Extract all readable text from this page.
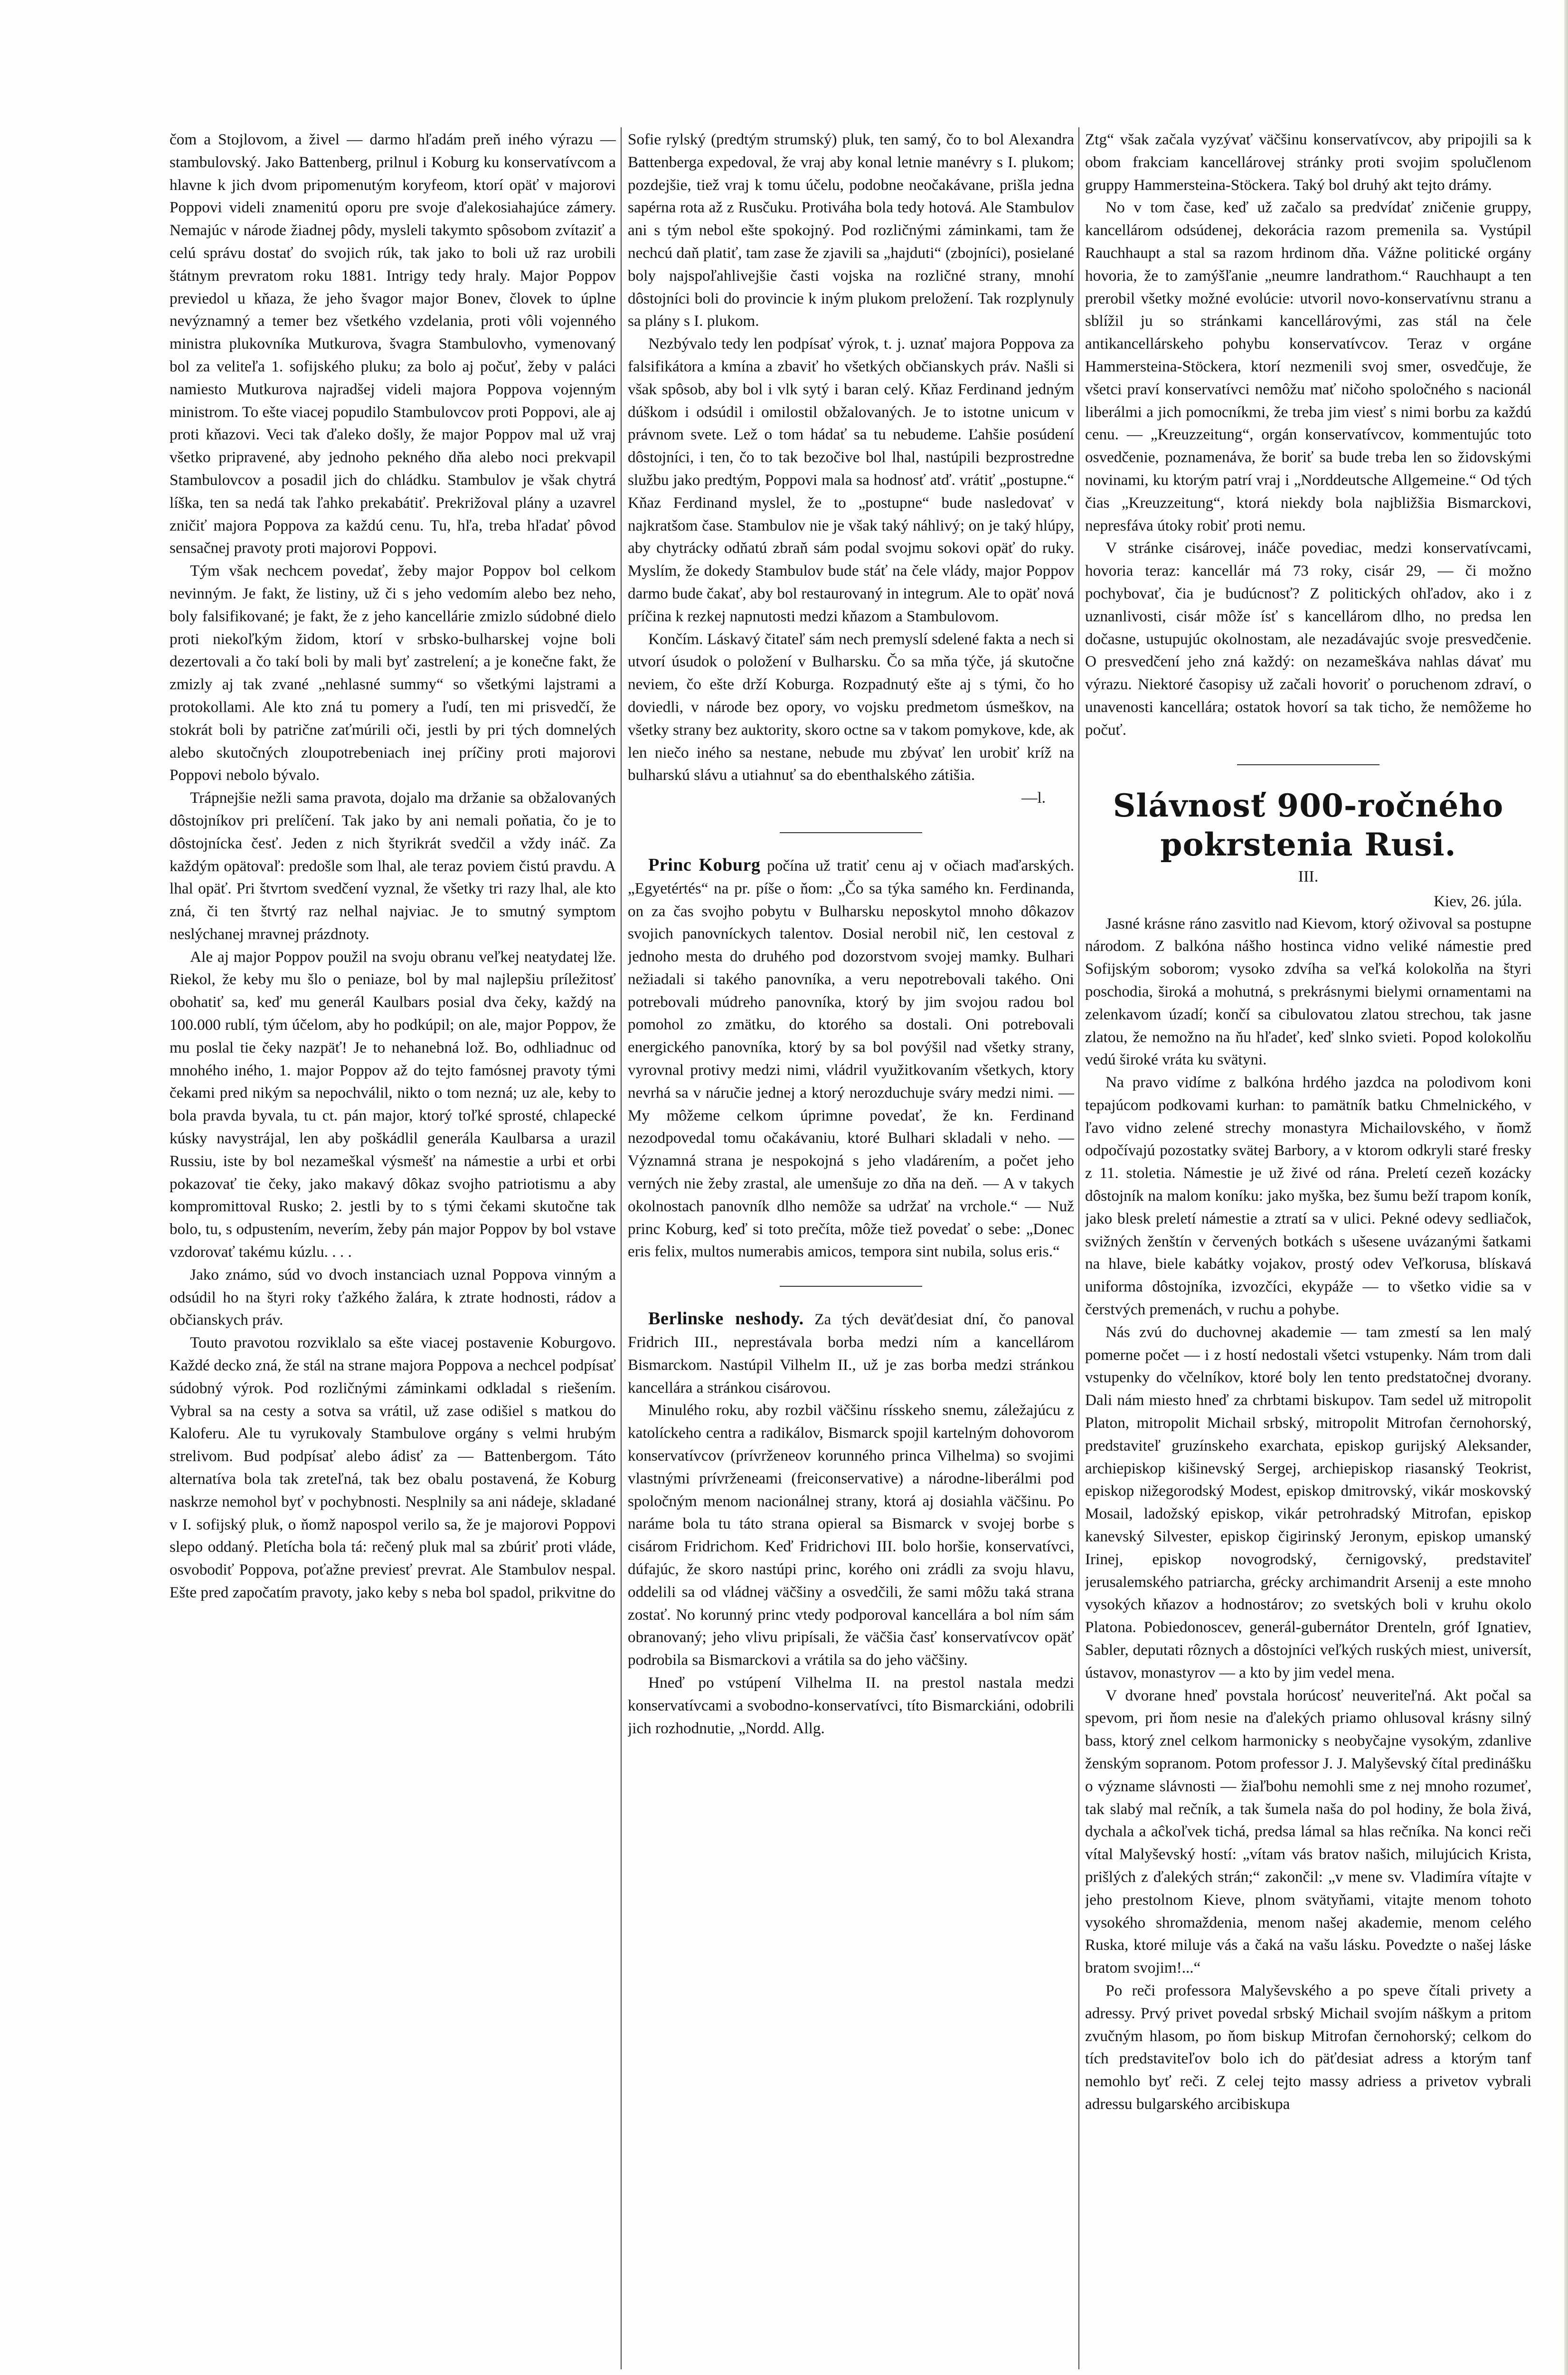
čom a Stojlovom, a živel — darmo hľadám preň iného výrazu — stambulovský. Jako Battenberg, prilnul i Koburg ku konservatívcom a hlavne k jich dvom pripomenutým koryfeom, ktorí opäť v majorovi Poppovi videli znamenitú oporu pre svoje ďalekosiahajúce zámery. Nemajúc v národe žiadnej pôdy, mysleli takymto spôsobom zvítaziť a celú správu dostať do svojich rúk, tak jako to boli už raz urobili štátnym prevratom roku 1881. Intrigy tedy hraly. Major Poppov previedol u kňaza, že jeho švagor major Bonev, človek to úplne nevýznamný a temer bez všetkého vzdelania, proti vôli vojenného ministra plukovníka Mutkurova, švagra Stambulovho, vymenovaný bol za veliteľa 1. sofijského pluku; za bolo aj počuť, žeby v paláci namiesto Mutkurova najradšej videli majora Poppova vojenným ministrom. To ešte viacej popudilo Stambulovcov proti Poppovi, ale aj proti kňazovi. Veci tak ďaleko došly, že major Poppov mal už vraj všetko pripravené, aby jednoho pekného dňa alebo noci prekvapil Stambulovcov a posadil jich do chládku. Stambulov je však chytrá líška, ten sa nedá tak ľahko prekabátiť. Prekrižoval plány a uzavrel zničiť majora Poppova za každú cenu. Tu, hľa, treba hľadať pôvod sensačnej pravoty proti majorovi Poppovi.

Tým však nechcem povedať, žeby major Poppov bol celkom nevinným. Je fakt, že listiny, už či s jeho vedomím alebo bez neho, boly falsifikované; je fakt, že z jeho kancellárie zmizlo súdobné dielo proti niekoľkým židom, ktorí v srbsko-bulharskej vojne boli dezertovali a čo takí boli by mali byť zastrelení; a je konečne fakt, že zmizly aj tak zvané „nehlasné summy“ so všetkými lajstrami a protokollami. Ale kto zná tu pomery a ľudí, ten mi prisvedčí, že stokrát boli by patrične zaťmúrili oči, jestli by pri tých domnelých alebo skutočných zloupotrebeniach inej príčiny proti majorovi Poppovi nebolo bývalo.

Trápnejšie nežli sama pravota, dojalo ma držanie sa obžalovaných dôstojníkov pri prelíčení. Tak jako by ani nemali poňatia, čo je to dôstojnícka česť. Jeden z nich štyrikrát svedčil a vždy ináč. Za každým opätovaľ: predošle som lhal, ale teraz poviem čistú pravdu. A lhal opäť. Pri štvrtom svedčení vyznal, že všetky tri razy lhal, ale kto zná, či ten štvrtý raz nelhal najviac. Je to smutný symptom neslýchanej mravnej prázdnoty.

Ale aj major Poppov použil na svoju obranu veľkej neatydatej lže. Riekol, že keby mu šlo o peniaze, bol by mal najlepšiu príležitosť obohatiť sa, keď mu generál Kaulbars posial dva čeky, každý na 100.000 rublí, tým účelom, aby ho podkúpil; on ale, major Poppov, že mu poslal tie čeky nazpäť! Je to nehanebná lož. Bo, odhliadnuc od mnohého iného, 1. major Poppov až do tejto famósnej pravoty tými čekami pred nikým sa nepochválil, nikto o tom nezná; uz ale, keby to bola pravda byvala, tu ct. pán major, ktorý toľké sprosté, chlapecké kúsky navystrájal, len aby poškádlil generála Kaulbarsa a urazil Russiu, iste by bol nezameškal výsmešť na námestie a urbi et orbi pokazovať tie čeky, jako makavý dôkaz svojho patriotismu a aby kompromittoval Rusko; 2. jestli by to s tými čekami skutočne tak bolo, tu, s odpustením, neverím, žeby pán major Poppov by bol vstave vzdorovať takému kúzlu. . . .

Jako známo, súd vo dvoch instanciach uznal Poppova vinným a odsúdil ho na štyri roky ťažkého žalára, k ztrate hodnosti, rádov a občianskych práv.

Touto pravotou rozviklalo sa ešte viacej postavenie Koburgovo. Každé decko zná, že stál na strane majora Poppova a nechcel podpísať súdobný výrok. Pod rozličnými záminkami odkladal s riešením. Vybral sa na cesty a sotva sa vrátil, už zase odišiel s matkou do Kaloferu. Ale tu vyrukovaly Stambulove orgány s velmi hrubým strelivom. Bud podpísať alebo ádisť za — Battenbergom. Táto alternatíva bola tak zreteľná, tak bez obalu postavená, že Koburg naskrze nemohol byť v pochybnosti. Nesplnily sa ani nádeje, skladané v I. sofijský pluk, o ňomž napospol verilo sa, že je majorovi Poppovi slepo oddaný. Pletícha bola tá: rečený pluk mal sa zbúriť proti vláde, osvobodiť Poppova, poťažne previesť prevrat. Ale Stambulov nespal. Ešte pred započatím pravoty, jako keby s neba bol spadol, prikvitne do

Sofie rylský (predtým strumský) pluk, ten samý, čo to bol Alexandra Battenberga expedoval, že vraj aby konal letnie manévry s I. plukom; pozdejšie, tiež vraj k tomu účelu, podobne neočakávane, prišla jedna sapérna rota až z Rusčuku. Protiváha bola tedy hotová. Ale Stambulov ani s tým nebol ešte spokojný. Pod rozličnými záminkami, tam že nechcú daň platiť, tam zase že zjavili sa „hajduti“ (zbojníci), posielané boly najspoľahlivejšie časti vojska na rozličné strany, mnohí dôstojníci boli do provincie k iným plukom preložení. Tak rozplynuly sa plány s I. plukom.

Nezbývalo tedy len podpísať výrok, t. j. uznať majora Poppova za falsifikátora a kmína a zbaviť ho všetkých občianskych práv. Našli si však spôsob, aby bol i vlk sytý i baran celý. Kňaz Ferdinand jedným dúškom i odsúdil i omilostil obžalovaných. Je to istotne unicum v právnom svete. Lež o tom hádať sa tu nebudeme. Ľahšie posúdení dôstojníci, i ten, čo to tak bezočive bol lhal, nastúpili bezprostredne službu jako predtým, Poppovi mala sa hodnosť atď. vrátiť „postupne.“ Kňaz Ferdinand myslel, že to „postupne“ bude nasledovať v najkratšom čase. Stambulov nie je však taký náhlivý; on je taký hlúpy, aby chytrácky odňatú zbraň sám podal svojmu sokovi opäť do ruky. Myslím, že dokedy Stambulov bude stáť na čele vlády, major Poppov darmo bude čakať, aby bol restaurovaný in integrum. Ale to opäť nová príčina k rezkej napnutosti medzi kňazom a Stambulovom.

Končím. Láskavý čitateľ sám nech premyslí sdelené fakta a nech si utvorí úsudok o položení v Bulharsku. Čo sa mňa týče, já skutočne neviem, čo ešte drží Koburga. Rozpadnutý ešte aj s tými, čo ho doviedli, v národe bez opory, vo vojsku predmetom úsmeškov, na všetky strany bez auktority, skoro octne sa v takom pomykove, kde, ak len niečo iného sa nestane, nebude mu zbývať len urobiť kríž na bulharskú slávu a utiahnuť sa do ebenthalského zátišia.

—l.

Princ Koburg počína už tratiť cenu aj v očiach maďarských. „Egyetértés“ na pr. píše o ňom: „Čo sa týka samého kn. Ferdinanda, on za čas svojho pobytu v Bulharsku neposkytol mnoho dôkazov svojich panovníckych talentov. Dosial nerobil nič, len cestoval z jednoho mesta do druhého pod dozorstvom svojej mamky. Bulhari nežiadali si takého panovníka, a veru nepotrebovali takého. Oni potrebovali múdreho panovníka, ktorý by jim svojou radou bol pomohol zo zmätku, do ktorého sa dostali. Oni potrebovali energického panovníka, ktorý by sa bol povýšil nad všetky strany, vyrovnal protivy medzi nimi, vládril využitkovaním všetkych, ktory nevrhá sa v náručie jednej a ktorý nerozduchuje sváry medzi nimi. — My môžeme celkom úprimne povedať, že kn. Ferdinand nezodpovedal tomu očakávaniu, ktoré Bulhari skladali v neho. — Významná strana je nespokojná s jeho vladárením, a počet jeho verných nie žeby zrastal, ale umenšuje zo dňa na deň. — A v takych okolnostach panovník dlho nemôže sa udržať na vrchole.“ — Nuž princ Koburg, keď si toto prečíta, môže tiež povedať o sebe: „Donec eris felix, multos numerabis amicos, tempora sint nubila, solus eris.“

Berlinske neshody. Za tých deväťdesiat dní, čo panoval Fridrich III., neprestávala borba medzi ním a kancellárom Bismarckom. Nastúpil Vilhelm II., už je zas borba medzi stránkou kancellára a stránkou cisárovou.

Minulého roku, aby rozbil väčšinu rísskeho snemu, záležajúcu z katolíckeho centra a radikálov, Bismarck spojil kartelným dohovorom konservatívcov (prívrženeov korunného princa Vilhelma) so svojimi vlastnými prívrženeami (freiconservative) a národne-liberálmi pod spoločným menom nacionálnej strany, ktorá aj dosiahla väčšinu. Po naráme bola tu táto strana opieral sa Bismarck v svojej borbe s cisárom Fridrichom. Keď Fridrichovi III. bolo horšie, konservatívci, dúfajúc, že skoro nastúpi princ, korého oni zrádli za svoju hlavu, oddelili sa od vládnej väčšiny a osvedčili, že sami môžu taká strana zostať. No korunný princ vtedy podporoval kancellára a bol ním sám obranovaný; jeho vlivu pripísali, že väčšia časť konservatívcov opäť podrobila sa Bismarckovi a vrátila sa do jeho väčšiny.

Hneď po vstúpení Vilhelma II. na prestol nastala medzi konservatívcami a svobodno-konservatívci, títo Bismarckiáni, odobrili jich rozhodnutie, „Nordd. Allg.

Ztg“ však začala vyzývať väčšinu konservatívcov, aby pripojili sa k obom frakciam kancellárovej stránky proti svojim spolučlenom gruppy Hammersteina-Stöckera. Taký bol druhý akt tejto drámy.

No v tom čase, keď už začalo sa predvídať zničenie gruppy, kancellárom odsúdenej, dekorácia razom premenila sa. Vystúpil Rauchhaupt a stal sa razom hrdinom dňa. Vážne politické orgány hovoria, že to zamýšľanie „neumre landrathom.“ Rauchhaupt a ten prerobil všetky možné evolúcie: utvoril novo-konservatívnu stranu a sblížil ju so stránkami kancellárovými, zas stál na čele antikancellárskeho pohybu konservatívcov. Teraz v orgáne Hammersteina-Stöckera, ktorí nezmenili svoj smer, osvedčuje, že všetci praví konservatívci nemôžu mať ničoho spoločného s nacionál liberálmi a jich pomocníkmi, že treba jim viesť s nimi borbu za každú cenu. — „Kreuzzeitung“, orgán konservatívcov, kommentujúc toto osvedčenie, poznamenáva, že boriť sa bude treba len so židovskými novinami, ku ktorým patrí vraj i „Norddeutsche Allgemeine.“ Od tých čias „Kreuzzeitung“, ktorá niekdy bola najbližšia Bismarckovi, nepresfáva útoky robiť proti nemu.

V stránke cisárovej, ináče povediac, medzi konservatívcami, hovoria teraz: kancellár má 73 roky, cisár 29, — či možno pochybovať, čia je budúcnosť? Z politických ohľadov, ako i z uznanlivosti, cisár môže ísť s kancellárom dlho, no predsa len dočasne, ustupujúc okolnostam, ale nezadávajúc svoje presvedčenie. O presvedčení jeho zná každý: on nezameškáva nahlas dávať mu výrazu. Niektoré časopisy už začali hovoriť o poruchenom zdraví, o unavenosti kancellára; ostatok hovorí sa tak ticho, že nemôžeme ho počuť.

Slávnosť 900-ročného pokrstenia Rusi.
III.
Kiev, 26. júla.

Jasné krásne ráno zasvitlo nad Kievom, ktorý oživoval sa postupne národom. Z balkóna nášho hostinca vidno veliké námestie pred Sofijským soborom; vysoko zdvíha sa veľká kolokolňa na štyri poschodia, široká a mohutná, s prekrásnymi bielymi ornamentami na zelenkavom úzadí; končí sa cibulovatou zlatou strechou, tak jasne zlatou, že nemožno na ňu hľadeť, keď slnko svieti. Popod kolokolňu vedú široké vráta ku svätyni.

Na pravo vidíme z balkóna hrdého jazdca na polodivom koni tepajúcom podkovami kurhan: to pamätník batku Chmelnického, v ľavo vidno zelené strechy monastyra Michailovského, v ňomž odpočívajú pozostatky svätej Barbory, a v ktorom odkryli staré fresky z 11. stoletia. Námestie je už živé od rána. Preletí cezeň kozácky dôstojník na malom koníku: jako myška, bez šumu beží trapom koník, jako blesk preletí námestie a ztratí sa v ulici. Pekné odevy sedliačok, svižných ženštín v červených botkách s ušesene uvázanými šatkami na hlave, biele kabátky vojakov, prostý odev Veľkorusa, blískavá uniforma dôstojníka, izvozčíci, ekypáže — to všetko vidie sa v čerstvých premenách, v ruchu a pohybe.

Nás zvú do duchovnej akademie — tam zmestí sa len malý pomerne počet — i z hostí nedostali všetci vstupenky. Nám trom dali vstupenky do včelníkov, ktoré boly len tento predstatočnej dvorany. Dali nám miesto hneď za chrbtami biskupov. Tam sedel už mitropolit Platon, mitropolit Michail srbský, mitropolit Mitrofan černohorský, predstaviteľ gruzínskeho exarchata, episkop gurijský Aleksander, archiepiskop kišinevský Sergej, archiepiskop riasanský Teokrist, episkop nižegorodský Modest, episkop dmitrovský, vikár moskovský Mosail, ladožský episkop, vikár petrohradský Mitrofan, episkop kanevský Silvester, episkop čigirinský Jeronym, episkop umanský Irinej, episkop novogrodský, černigovský, predstaviteľ jerusalemského patriarcha, grécky archimandrit Arsenij a este mnoho vysokých kňazov a hodnostárov; zo svetských boli v kruhu okolo Platona. Pobiedonoscev, generál-gubernátor Drenteln, gróf Ignatiev, Sabler, deputati rôznych a dôstojníci veľkých ruských miest, universít, ústavov, monastyrov — a kto by jim vedel mena.

V dvorane hneď povstala horúcosť neuveriteľná. Akt počal sa spevom, pri ňom nesie na ďalekých priamo ohlusoval krásny silný bass, ktorý znel celkom harmonicky s neobyčajne vysokým, zdanlive ženským sopranom. Potom professor J. J. Malyševský čítal predinášku o význame slávnosti — žiaľbohu nemohli sme z nej mnoho rozumeť, tak slabý mal rečník, a tak šumela naša do pol hodiny, že bola živá, dychala a aĉkoľvek tichá, predsa lámal sa hlas rečníka. Na konci reči vítal Malyševský hostí: „vítam vás bratov našich, milujúcich Krista, prišlých z ďalekých strán;“ zakončil: „v mene sv. Vladimíra vítajte v jeho prestolnom Kieve, plnom svätyňami, vitajte menom tohoto vysokého shromaždenia, menom našej akademie, menom celého Ruska, ktoré miluje vás a čaká na vašu lásku. Povedzte o našej láske bratom svojim!...“

Po reči professora Malyševského a po speve čítali privety a adressy. Prvý privet povedal srbský Michail svojím náškym a pritom zvučným hlasom, po ňom biskup Mitrofan černohorský; celkom do tích predstaviteľov bolo ich do päťdesiat adress a ktorým tanf nemohlo byť reči. Z celej tejto massy adriess a privetov vybrali adressu bulgarského arcibiskupa
